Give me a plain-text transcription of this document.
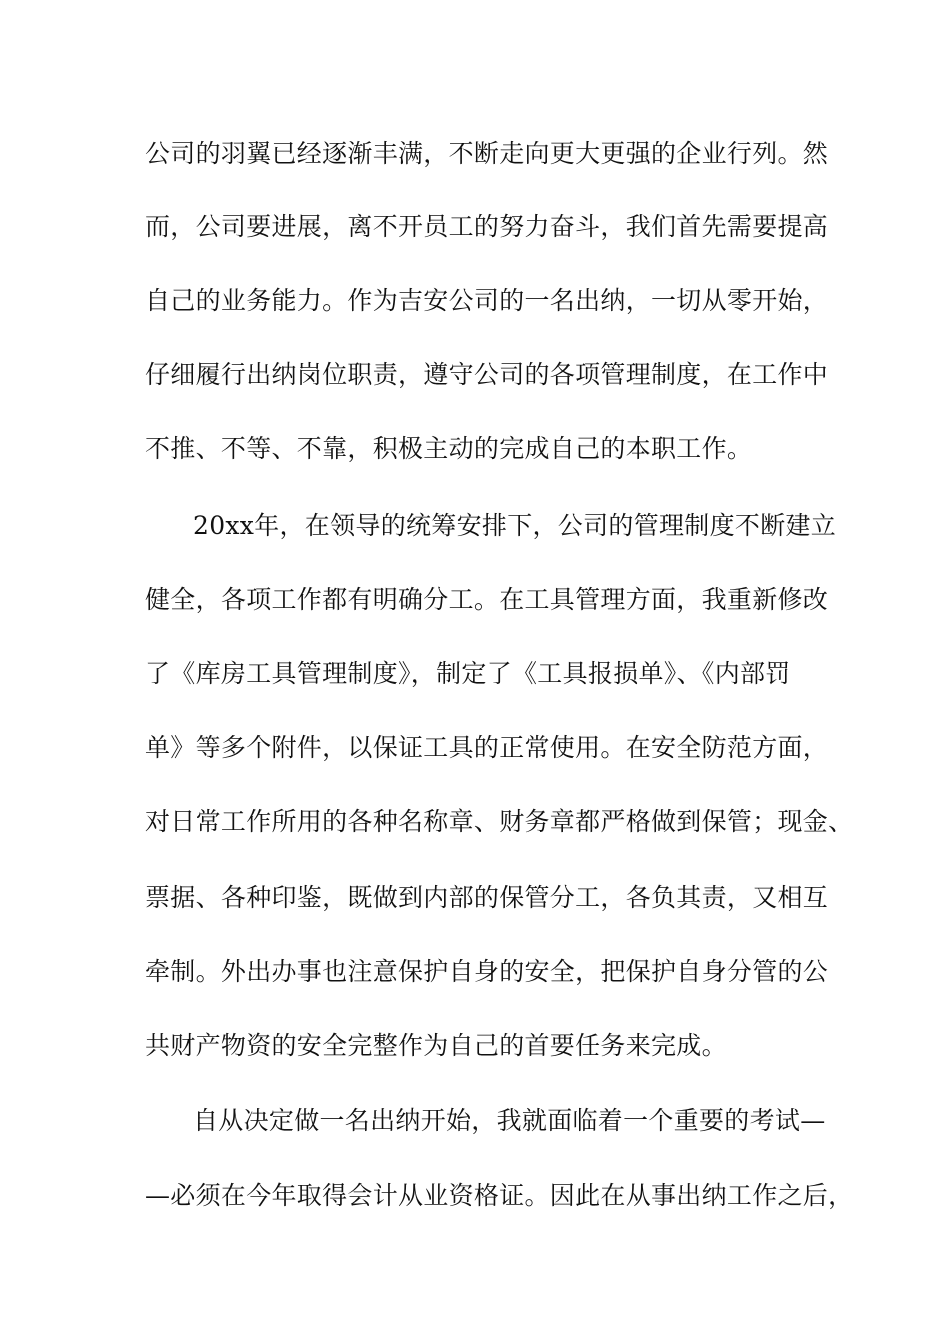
公司的羽翼已经逐渐丰满，不断走向更大更强的企业行列。然
而，公司要进展，离不开员工的努力奋斗，我们首先需要提高
自己的业务能力。作为吉安公司的一名出纳，一切从零开始，
仔细履行出纳岗位职责，遵守公司的各项管理制度，在工作中
不推、不等、不靠，积极主动的完成自己的本职工作。
20xx年，在领导的统筹安排下，公司的管理制度不断建立
健全，各项工作都有明确分工。在工具管理方面，我重新修改
了《库房工具管理制度》，制定了《工具报损单》、《内部罚
单》等多个附件，以保证工具的正常使用。在安全防范方面，
对日常工作所用的各种名称章、财务章都严格做到保管；现金、
票据、各种印鉴，既做到内部的保管分工，各负其责，又相互
牵制。外出办事也注意保护自身的安全，把保护自身分管的公
共财产物资的安全完整作为自己的首要任务来完成。
自从决定做一名出纳开始，我就面临着一个重要的考试—
—必须在今年取得会计从业资格证。因此在从事出纳工作之后，
